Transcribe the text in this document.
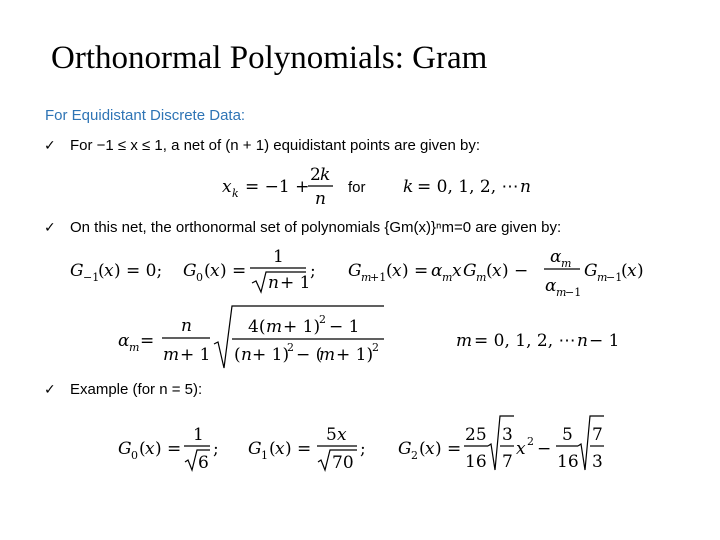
Orthonormal Polynomials: Gram
For Equidistant Discrete Data:
✓ For −1 ≤ x ≤ 1, a net of (n + 1) equidistant points are given by:
✓ On this net, the orthonormal set of polynomials {Gm(x)}ⁿm=0 are given by:
✓ Example (for n = 5):
x k = −1 +
2 k
n
for k = 0, 1, 2, ⋯ n
G −1
( x ) = 0; G 0 ( x ) =
1
n + 1
; G m
+1 ( x ) = α m x G m ( x ) −
α m
α m
−1
G m
−1
( x )
α m =
n
m + 1
4( m + 1)
2 − 1
( n + 1)
2 − (
m + 1)
2	m = 0, 1, 2, ⋯ n − 1
G 0 ( x ) =
1
6
; G 1 ( x ) =
5 x
70
; G 2 ( x ) =
25
16
3
7
x 2 −
5
16
7
3
